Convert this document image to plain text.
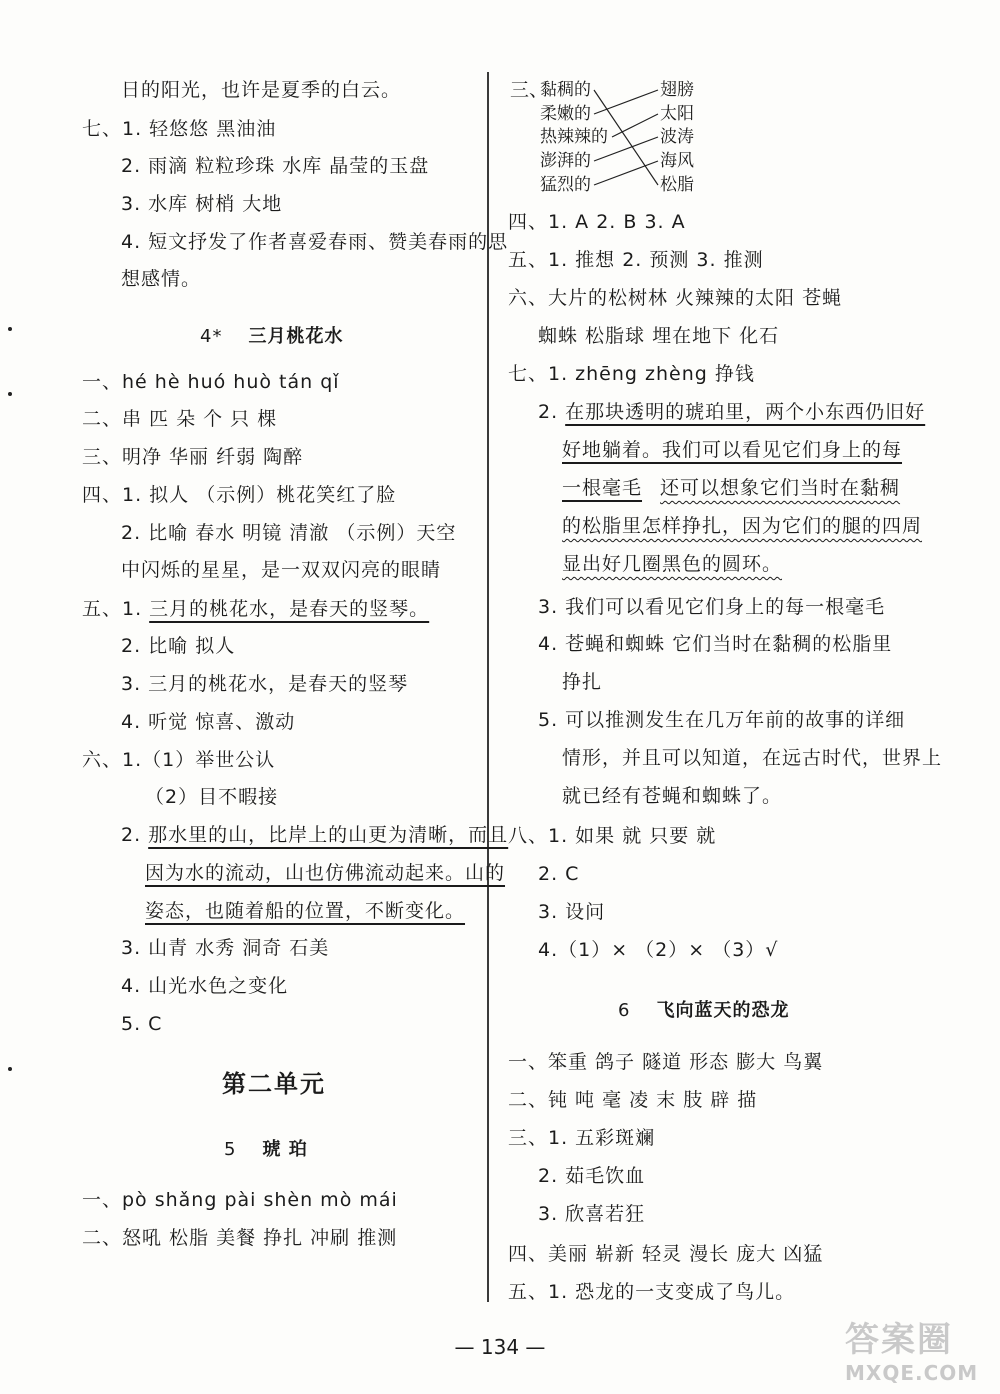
日的阳光，也许是夏季的白云。
七、1. 轻悠悠 黑油油
2. 雨滴 粒粒珍珠 水库 晶莹的玉盘
3. 水库 树梢 大地
4. 短文抒发了作者喜爱春雨、赞美春雨的思
想感情。
4* 三月桃花水
一、hé hè huó huò tán qǐ
二、串 匹 朵 个 只 棵
三、明净 华丽 纤弱 陶醉
四、1. 拟人 （示例）桃花笑红了脸
2. 比喻 春水 明镜 清澈 （示例）天空
中闪烁的星星，是一双双闪亮的眼睛
五、1. 三月的桃花水，是春天的竖琴。
2. 比喻 拟人
3. 三月的桃花水，是春天的竖琴
4. 听觉 惊喜、激动
六、1.（1）举世公认
（2）目不暇接
2. 那水里的山，比岸上的山更为清晰，而且
因为水的流动，山也仿佛流动起来。山的
姿态，也随着船的位置，不断变化。
3. 山青 水秀 洞奇 石美
4. 山光水色之变化
5. C
第二单元
5 琥 珀
一、pò shǎng pài shèn mò mái
二、怒吼 松脂 美餐 挣扎 冲刷 推测
三、
黏稠的
柔嫩的
热辣辣的
澎湃的
猛烈的
翅膀
太阳
波涛
海风
松脂
四、1. A 2. B 3. A
五、1. 推想 2. 预测 3. 推测
六、大片的松树林 火辣辣的太阳 苍蝇
蜘蛛 松脂球 埋在地下 化石
七、1. zhēng zhèng 挣钱
2. 在那块透明的琥珀里，两个小东西仍旧好
好地躺着。我们可以看见它们身上的每
一根毫毛 还可以想象它们当时在黏稠
的松脂里怎样挣扎，因为它们的腿的四周
显出好几圈黑色的圆环。
3. 我们可以看见它们身上的每一根毫毛
4. 苍蝇和蜘蛛 它们当时在黏稠的松脂里
挣扎
5. 可以推测发生在几万年前的故事的详细
情形，并且可以知道，在远古时代，世界上
就已经有苍蝇和蜘蛛了。
八、1. 如果 就 只要 就
2. C
3. 设问
4.（1）× （2）× （3）√
6 飞向蓝天的恐龙
一、笨重 鸽子 隧道 形态 膨大 鸟翼
二、钝 吨 毫 凌 末 肢 辟 描
三、1. 五彩斑斓
2. 茹毛饮血
3. 欣喜若狂
四、美丽 崭新 轻灵 漫长 庞大 凶猛
五、1. 恐龙的一支变成了鸟儿。
— 134 —	答案圈
MXQE.COM
